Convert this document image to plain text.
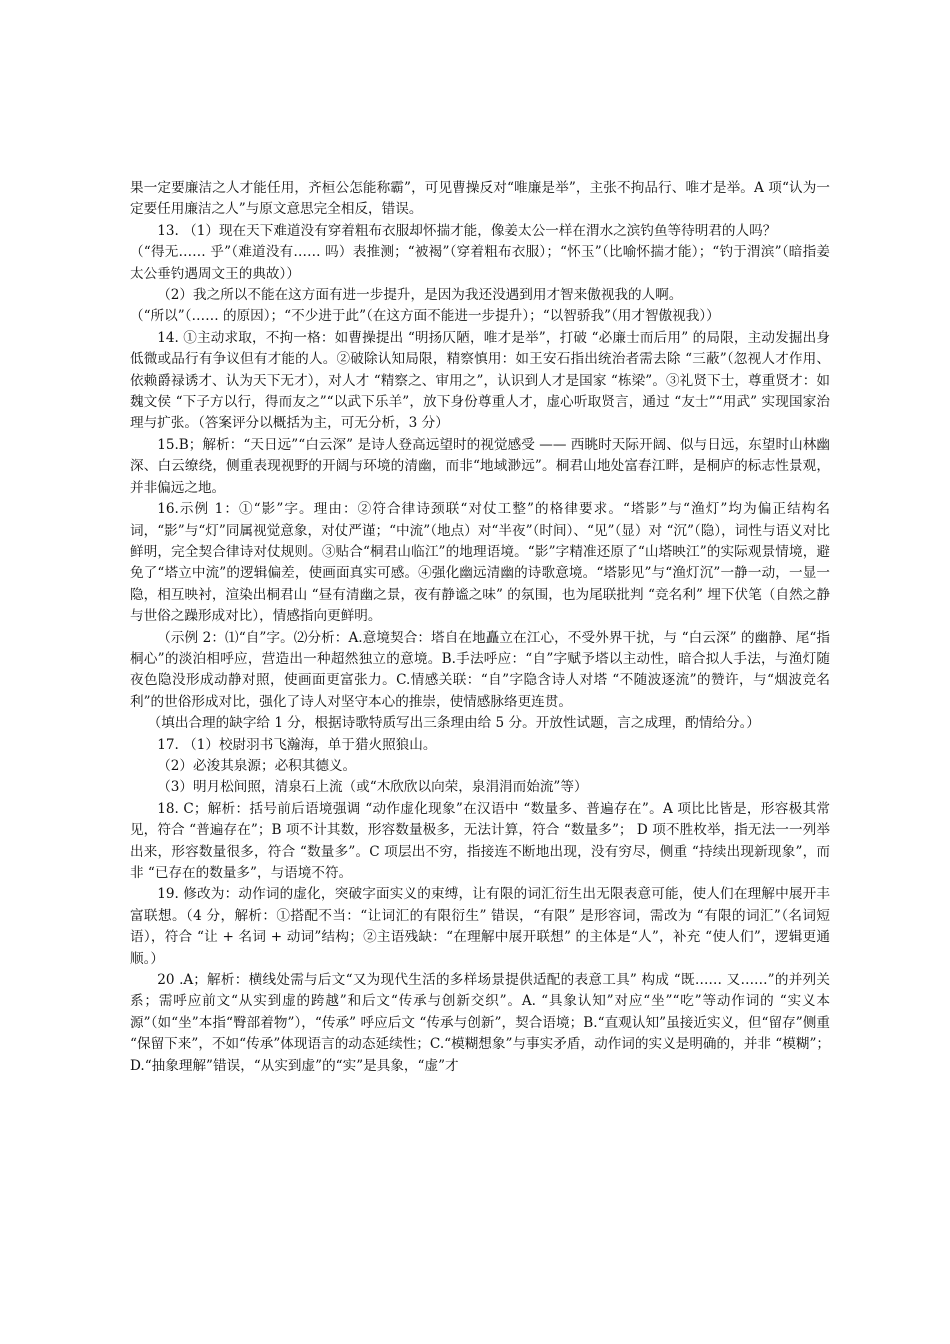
果一定要廉洁之人才能任用，齐桓公怎能称霸”，可见曹操反对“唯廉是举”，主张不拘品行、唯才是举。A 项“认为一定要任用廉洁之人”与原文意思完全相反，错误。

13. （1）现在天下难道没有穿着粗布衣服却怀揣才能，像姜太公一样在渭水之滨钓鱼等待明君的人吗？

（“得无…… 乎”（难道没有…… 吗）表推测；“被褐”（穿着粗布衣服）；“怀玉”（比喻怀揣才能）；“钓于渭滨”（暗指姜太公垂钓遇周文王的典故））

（2）我之所以不能在这方面有进一步提升，是因为我还没遇到用才智来傲视我的人啊。

（“所以”（…… 的原因）；“不少进于此”（在这方面不能进一步提升）；“以智骄我”（用才智傲视我））

14. ①主动求取，不拘一格：如曹操提出 “明扬仄陋，唯才是举”，打破 “必廉士而后用” 的局限，主动发掘出身低微或品行有争议但有才能的人。②破除认知局限，精察慎用：如王安石指出统治者需去除 “三蔽”（忽视人才作用、依赖爵禄诱才、认为天下无才），对人才 “精察之、审用之”，认识到人才是国家 “栋梁”。③礼贤下士，尊重贤才：如魏文侯 “下子方以行，得而友之”“以武下乐羊”，放下身份尊重人才，虚心听取贤言，通过 “友士”“用武” 实现国家治理与扩张。（答案评分以概括为主，可无分析，3 分）

15.B；解析：“天日远”“白云深” 是诗人登高远望时的视觉感受 —— 西眺时天际开阔、似与日远，东望时山林幽深、白云缭绕，侧重表现视野的开阔与环境的清幽，而非“地域渺远”。桐君山地处富春江畔，是桐庐的标志性景观，并非偏远之地。

16.示例 1：①“影”字。理由：②符合律诗颈联“对仗工整”的格律要求。“塔影”与“渔灯”均为偏正结构名词，“影”与“灯”同属视觉意象，对仗严谨；“中流”（地点）对“半夜”（时间）、“见”（显）对 “沉”（隐），词性与语义对比鲜明，完全契合律诗对仗规则。③贴合“桐君山临江”的地理语境。“影”字精准还原了“山塔映江”的实际观景情境，避免了“塔立中流”的逻辑偏差，使画面真实可感。④强化幽远清幽的诗歌意境。“塔影见”与“渔灯沉”一静一动，一显一隐，相互映衬，渲染出桐君山 “昼有清幽之景，夜有静谧之味” 的氛围，也为尾联批判 “竞名利” 埋下伏笔（自然之静与世俗之躁形成对比），情感指向更鲜明。

（示例 2：⑴“自”字。⑵分析：A.意境契合：塔自在地矗立在江心，不受外界干扰，与 “白云深” 的幽静、尾“指桐心”的淡泊相呼应，营造出一种超然独立的意境。B.手法呼应：“自”字赋予塔以主动性，暗合拟人手法，与渔灯随夜色隐没形成动静对照，使画面更富张力。C.情感关联：“自”字隐含诗人对塔 “不随波逐流”的赞许，与“烟波竞名利”的世俗形成对比，强化了诗人对坚守本心的推崇，使情感脉络更连贯。

（填出合理的缺字给 1 分，根据诗歌特质写出三条理由给 5 分。开放性试题，言之成理，酌情给分。）

17. （1）校尉羽书飞瀚海，单于猎火照狼山。

（2）必浚其泉源；必积其德义。

（3）明月松间照，清泉石上流（或“木欣欣以向荣，泉涓涓而始流”等）

18. C；解析：括号前后语境强调 “动作虚化现象”在汉语中 “数量多、普遍存在”。A 项比比皆是，形容极其常见，符合 “普遍存在”；B 项不计其数，形容数量极多，无法计算，符合 “数量多”； D 项不胜枚举，指无法一一列举出来，形容数量很多，符合 “数量多”。C 项层出不穷，指接连不断地出现，没有穷尽，侧重 “持续出现新现象”，而非 “已存在的数量多”，与语境不符。

19. 修改为：动作词的虚化，突破字面实义的束缚，让有限的词汇衍生出无限表意可能，使人们在理解中展开丰富联想。（4 分，解析：①搭配不当：“让词汇的有限衍生” 错误，“有限” 是形容词，需改为 “有限的词汇”（名词短语），符合 “让 + 名词 + 动词”结构；②主语残缺：“在理解中展开联想” 的主体是“人”，补充 “使人们”，逻辑更通顺。）

20 .A；解析：横线处需与后文“又为现代生活的多样场景提供适配的表意工具” 构成 “既…… 又……”的并列关系；需呼应前文“从实到虚的跨越”和后文“传承与创新交织”。A. “具象认知”对应“坐”“吃”等动作词的 “实义本源”（如“坐”本指“臀部着物”），“传承” 呼应后文 “传承与创新”，契合语境；B.“直观认知”虽接近实义，但“留存”侧重 “保留下来”，不如“传承”体现语言的动态延续性；C.“模糊想象”与事实矛盾，动作词的实义是明确的，并非 “模糊”；D.“抽象理解”错误，“从实到虚”的“实”是具象，“虚”才
